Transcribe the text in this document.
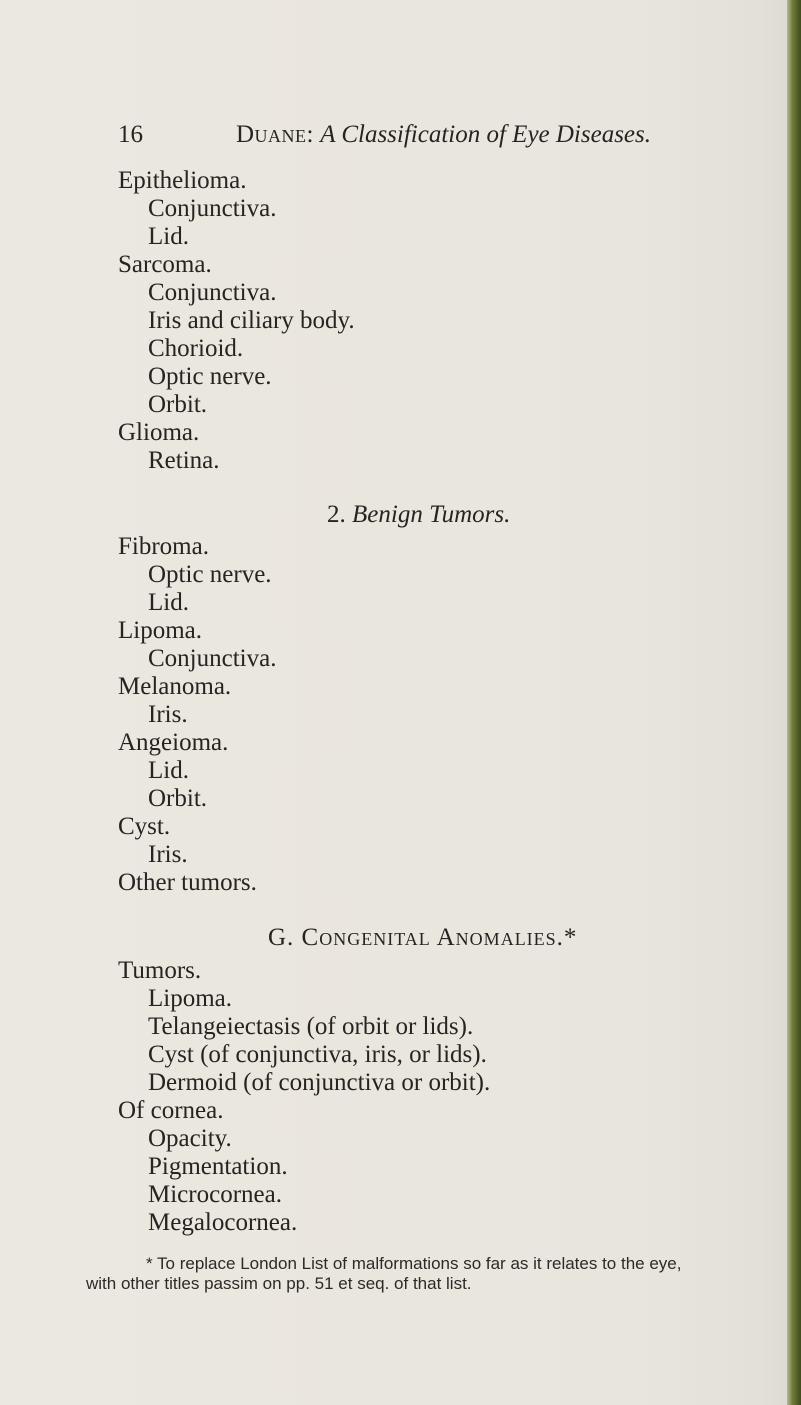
16	Duane: A Classification of Eye Diseases.
Epithelioma.
Conjunctiva.
Lid.
Sarcoma.
Conjunctiva.
Iris and ciliary body.
Chorioid.
Optic nerve.
Orbit.
Glioma.
Retina.
2. Benign Tumors.
Fibroma.
Optic nerve.
Lid.
Lipoma.
Conjunctiva.
Melanoma.
Iris.
Angeioma.
Lid.
Orbit.
Cyst.
Iris.
Other tumors.
G. Congenital Anomalies.*
Tumors.
Lipoma.
Telangeiectasis (of orbit or lids).
Cyst (of conjunctiva, iris, or lids).
Dermoid (of conjunctiva or orbit).
Of cornea.
Opacity.
Pigmentation.
Microcornea.
Megalocornea.
* To replace London List of malformations so far as it relates to the eye,
with other titles passim on pp. 51 et seq. of that list.
